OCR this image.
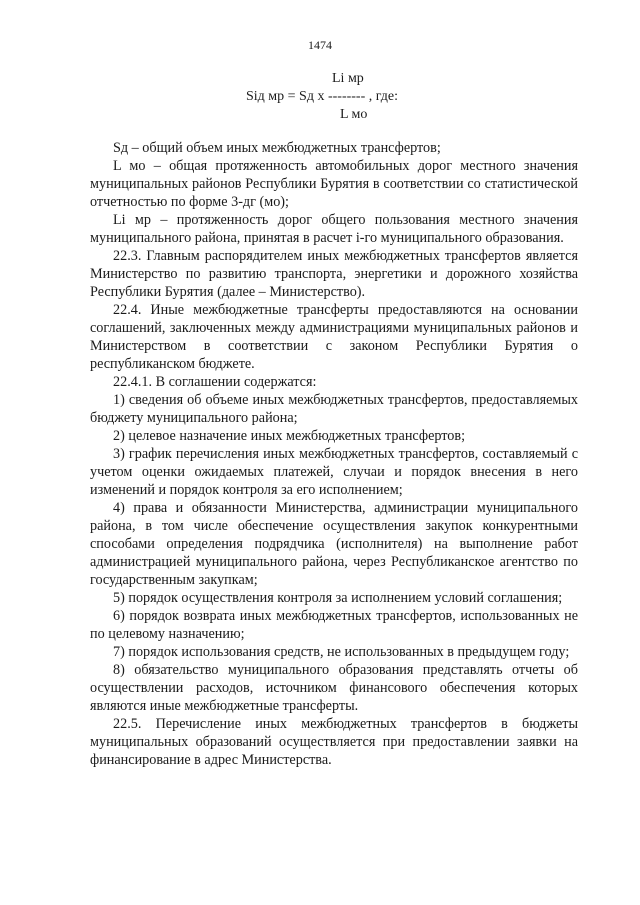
1474
Li мр
Siд мр = Sд x -------- , где:
L мо

Sд – общий объем иных межбюджетных трансфертов;

L мо – общая протяженность автомобильных дорог местного значения муниципальных районов Республики Бурятия в соответствии со статистической отчетностью по форме 3-дг (мо);

Li мр – протяженность дорог общего пользования местного значения муниципального района, принятая в расчет i-го муниципального образования.

22.3. Главным распорядителем иных межбюджетных трансфертов является Министерство по развитию транспорта, энергетики и дорожного хозяйства Республики Бурятия (далее – Министерство).

22.4. Иные межбюджетные трансферты предоставляются на основании соглашений, заключенных между администрациями муниципальных районов и Министерством в соответствии с законом Республики Бурятия о республиканском бюджете.

22.4.1. В соглашении содержатся:

1) сведения об объеме иных межбюджетных трансфертов, предоставляемых бюджету муниципального района;

2) целевое назначение иных межбюджетных трансфертов;

3) график перечисления иных межбюджетных трансфертов, составляемый с учетом оценки ожидаемых платежей, случаи и порядок внесения в него изменений и порядок контроля за его исполнением;

4) права и обязанности Министерства, администрации муниципального района, в том числе обеспечение осуществления закупок конкурентными способами определения подрядчика (исполнителя) на выполнение работ администрацией муниципального района, через Республиканское агентство по государственным закупкам;

5) порядок осуществления контроля за исполнением условий соглашения;

6) порядок возврата иных межбюджетных трансфертов, использованных не по целевому назначению;

7) порядок использования средств, не использованных в предыдущем году;

8) обязательство муниципального образования представлять отчеты об осуществлении расходов, источником финансового обеспечения которых являются иные межбюджетные трансферты.

22.5. Перечисление иных межбюджетных трансфертов в бюджеты муниципальных образований осуществляется при предоставлении заявки на финансирование в адрес Министерства.
